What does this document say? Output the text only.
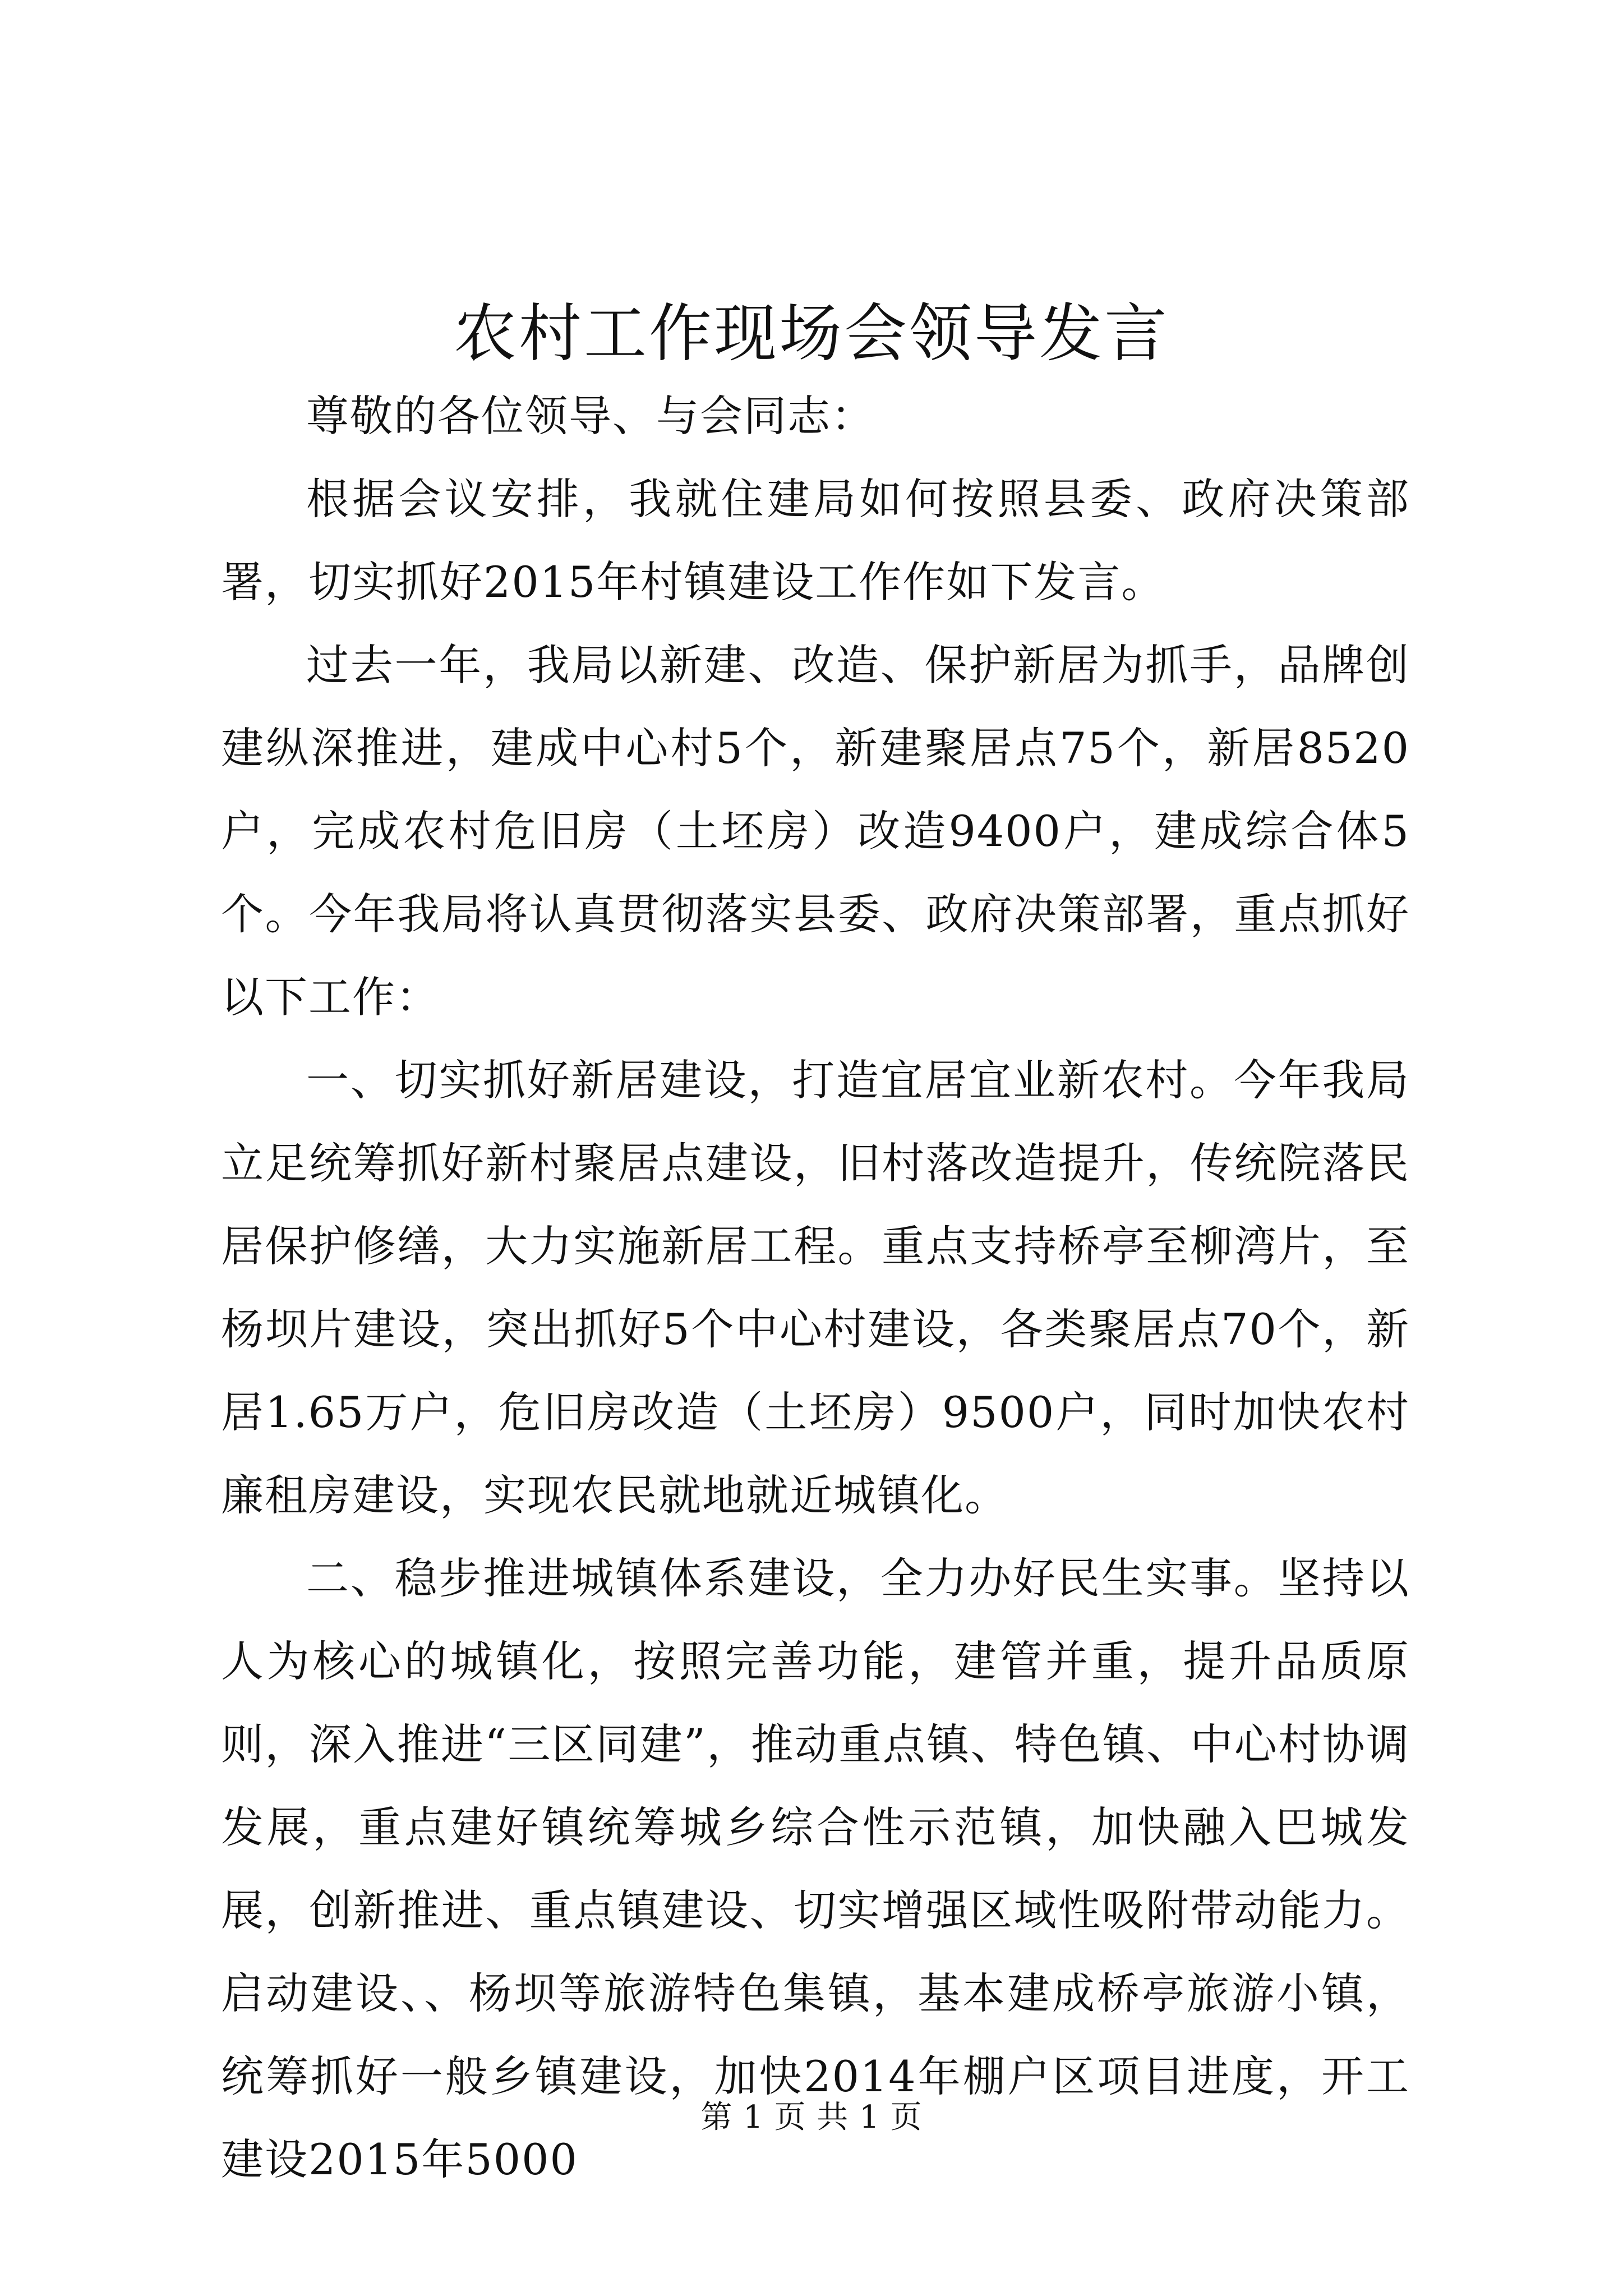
农村工作现场会领导发言

尊敬的各位领导、与会同志：

根据会议安排，我就住建局如何按照县委、政府决策部署，切实抓好2015年村镇建设工作作如下发言。

过去一年，我局以新建、改造、保护新居为抓手，品牌创建纵深推进，建成中心村5个，新建聚居点75个，新居8520户，完成农村危旧房（土坯房）改造9400户，建成综合体5个。今年我局将认真贯彻落实县委、政府决策部署，重点抓好以下工作：

一、切实抓好新居建设，打造宜居宜业新农村。今年我局立足统筹抓好新村聚居点建设，旧村落改造提升，传统院落民居保护修缮，大力实施新居工程。重点支持桥亭至柳湾片，至杨坝片建设，突出抓好5个中心村建设，各类聚居点70个，新居1.65万户，危旧房改造（土坯房）9500户，同时加快农村廉租房建设，实现农民就地就近城镇化。

二、稳步推进城镇体系建设，全力办好民生实事。坚持以人为核心的城镇化，按照完善功能，建管并重，提升品质原则，深入推进“三区同建”，推动重点镇、特色镇、中心村协调发展，重点建好镇统筹城乡综合性示范镇，加快融入巴城发展，创新推进、重点镇建设、切实增强区域性吸附带动能力。启动建设、、杨坝等旅游特色集镇，基本建成桥亭旅游小镇，统筹抓好一般乡镇建设，加快2014年棚户区项目进度，开工建设2015年5000

第 1 页 共 1 页
